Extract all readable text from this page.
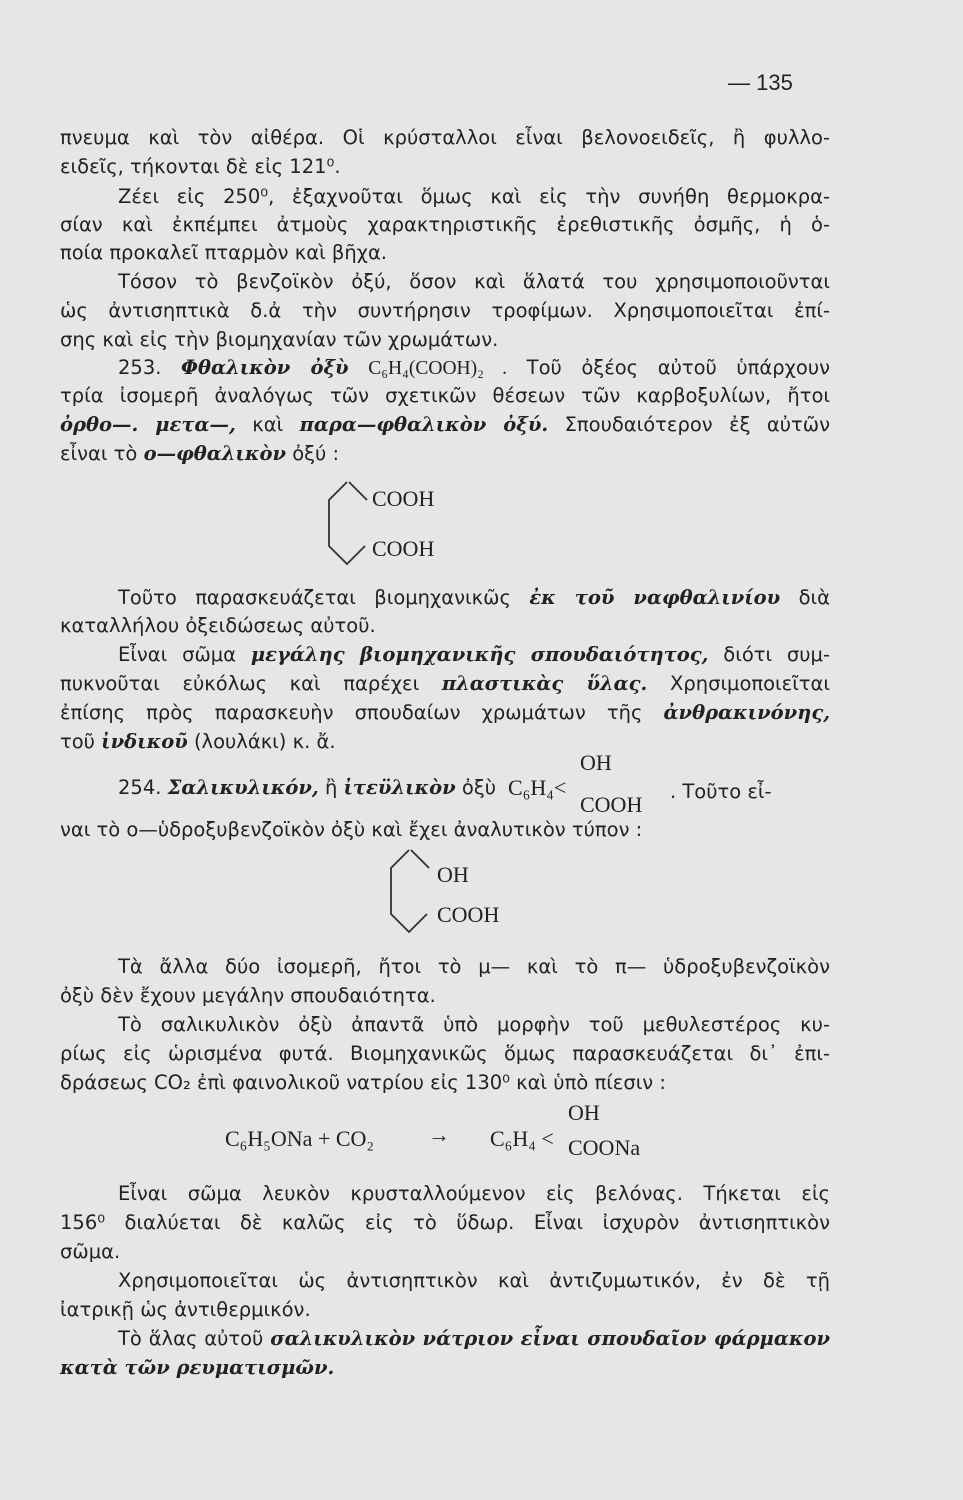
— 135
πνευμα καὶ τὸν αἰθέρα. Οἱ κρύσταλλοι εἶναι βελονοειδεῖς, ἢ φυλλο-
ειδεῖς, τήκονται δὲ εἰς 121⁰.
Ζέει εἰς 250⁰, ἐξαχνοῦται ὅμως καὶ εἰς τὴν συνήθη θερμοκρα-
σίαν καὶ ἐκπέμπει ἀτμοὺς χαρακτηριστικῆς ἐρεθιστικῆς ὀσμῆς, ἡ ὁ-
ποία προκαλεῖ πταρμὸν καὶ βῆχα.
Τόσον τὸ βενζοϊκὸν ὀξύ, ὅσον καὶ ἅλατά του χρησιμοποιοῦνται
ὡς ἀντισηπτικὰ δ.ἀ τὴν συντήρησιν τροφίμων. Χρησιμοποιεῖται ἐπί-
σης καὶ εἰς τὴν βιομηχανίαν τῶν χρωμάτων.
253. Φθαλικὸν ὀξὺ C₆H₄(COOH)₂ . Τοῦ ὀξέος αὐτοῦ ὑπάρχουν
τρία ἰσομερῆ ἀναλόγως τῶν σχετικῶν θέσεων τῶν καρβοξυλίων, ἤτοι
ὀρθο—. μετα—, καὶ παρα—φθαλικὸν ὀξύ. Σπουδαιότερον ἐξ αὐτῶν
εἶναι τὸ ο—φθαλικὸν ὀξύ :
COOH
COOH
Τοῦτο παρασκευάζεται βιομηχανικῶς ἐκ τοῦ ναφθαλινίου διὰ
καταλλήλου ὀξειδώσεως αὐτοῦ.
Εἶναι σῶμα μεγάλης βιομηχανικῆς σπουδαιότητος, διότι συμ-
πυκνοῦται εὐκόλως καὶ παρέχει πλαστικὰς ὕλας. Χρησιμοποιεῖται
ἐπίσης πρὸς παρασκευὴν σπουδαίων χρωμάτων τῆς ἀνθρακινόνης,
τοῦ ἰνδικοῦ (λουλάκι) κ. ἄ.
254. Σαλικυλικόν, ἢ ἰτεϋλικὸν ὀξὺ C₆H₄<
OH
COOH
. Τοῦτο εἶ-
ναι τὸ ο—ὑδροξυβενζοϊκὸν ὀξὺ καὶ ἔχει ἀναλυτικὸν τύπον :
OH
COOH
Τὰ ἄλλα δύο ἰσομερῆ, ἤτοι τὸ μ— καὶ τὸ π— ὑδροξυβενζοϊκὸν
ὀξὺ δὲν ἔχουν μεγάλην σπουδαιότητα.
Τὸ σαλικυλικὸν ὀξὺ ἀπαντᾶ ὑπὸ μορφὴν τοῦ μεθυλεστέρος κυ-
ρίως εἰς ὡρισμένα φυτά. Βιομηχανικῶς ὅμως παρασκευάζεται δι᾽ ἐπι-
δράσεως CO₂ ἐπὶ φαινολικοῦ νατρίου εἰς 130⁰ καὶ ὑπὸ πίεσιν :
C₆H₅ONa + CO₂ → C₆H₄ <
OH
COONa
Εἶναι σῶμα λευκὸν κρυσταλλούμενον εἰς βελόνας. Τήκεται εἰς
156⁰ διαλύεται δὲ καλῶς εἰς τὸ ὕδωρ. Εἶναι ἰσχυρὸν ἀντισηπτικὸν
σῶμα.
Χρησιμοποιεῖται ὡς ἀντισηπτικὸν καὶ ἀντιζυμωτικόν, ἐν δὲ τῇ
ἰατρικῇ ὡς ἀντιθερμικόν.
Τὸ ἅλας αὐτοῦ σαλικυλικὸν νάτριον εἶναι σπουδαῖον φάρμακον
κατὰ τῶν ρευματισμῶν.
